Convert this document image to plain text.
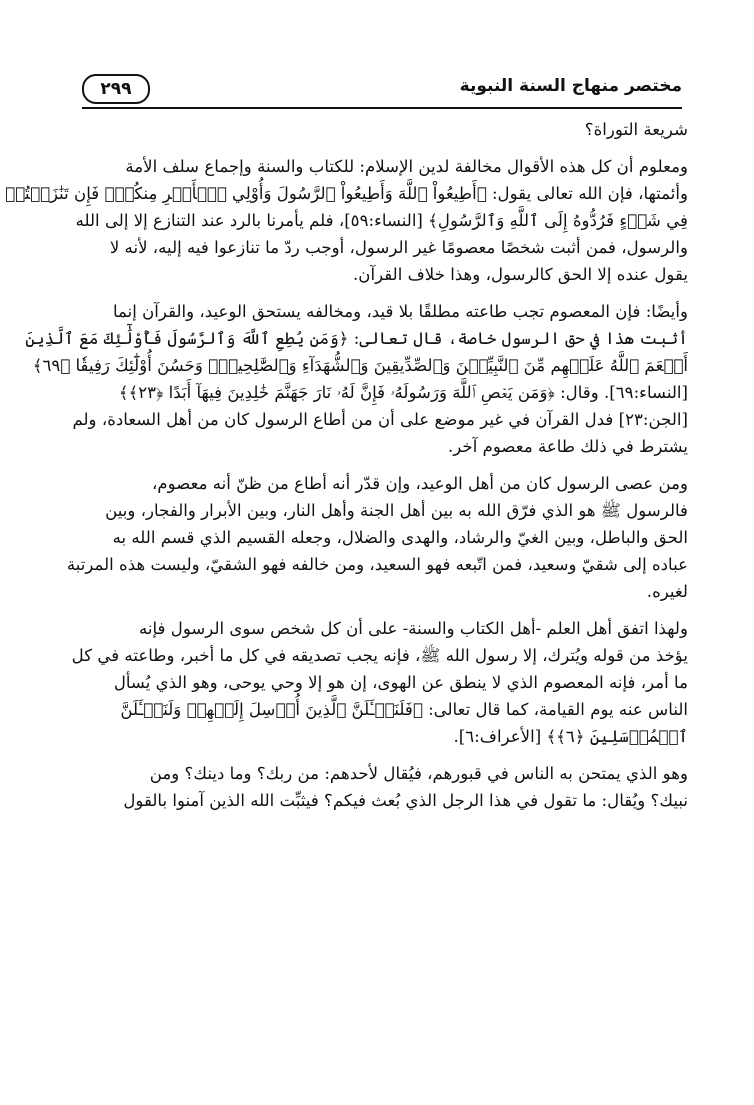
٢٩٩	مختصر منهاج السنة النبوية
شريعة التوراة؟
ومعلوم أن كل هذه الأقوال مخالفة لدين الإسلام: للكتاب والسنة وإجماع سلف الأمة
وأئمتها، فإن الله تعالى يقول: ﴿أَطِيعُواْ ٱللَّهَ وَأَطِيعُواْ ٱلرَّسُولَ وَأُوْلِي ٱلۡأَمۡرِ مِنكُمۡۖ فَإِن تَنَٰزَعۡتُمۡ
فِي شَيۡءٍ فَرُدُّوهُ إِلَى ٱللَّهِ وَٱلرَّسُولِ﴾ [النساء:٥٩]، فلم يأمرنا بالرد عند التنازع إلا إلى الله
والرسول، فمن أثبت شخصًا معصومًا غير الرسول، أوجب ردّ ما تنازعوا فيه إليه، لأنه لا
يقول عنده إلا الحق كالرسول، وهذا خلاف القرآن.
وأيضًا: فإن المعصوم تجب طاعته مطلقًا بلا قيد، ومخالفه يستحق الوعيد، والقرآن إنما
أثبت هذا في حق الرسول خاصة، قال تعالى: ﴿وَمَن يُطِعِ ٱللَّهَ وَٱلرَّسُولَ فَأُوْلَٰٓئِكَ مَعَ ٱلَّذِينَ
أَنۡعَمَ ٱللَّهُ عَلَيۡهِم مِّنَ ٱلنَّبِيِّـۧنَ وَٱلصِّدِّيقِينَ وَٱلشُّهَدَآءِ وَٱلصَّٰلِحِينَۚ وَحَسُنَ أُوْلَٰٓئِكَ رَفِيقٗا ﴿٦٩﴾
[النساء:٦٩]. وقال: ﴿وَمَن يَعۡصِ ٱللَّهَ وَرَسُولَهُۥ فَإِنَّ لَهُۥ نَارَ جَهَنَّمَ خَٰلِدِينَ فِيهَآ أَبَدًا ﴿٢٣﴾﴾
[الجن:٢٣] فدل القرآن في غير موضع على أن من أطاع الرسول كان من أهل السعادة، ولم
يشترط في ذلك طاعة معصوم آخر.
ومن عصى الرسول كان من أهل الوعيد، وإن قدّر أنه أطاع من ظنّ أنه معصوم،
فالرسول ﷺ هو الذي فرّق الله به بين أهل الجنة وأهل النار، وبين الأبرار والفجار، وبين
الحق والباطل، وبين الغيّ والرشاد، والهدى والضلال، وجعله القسيم الذي قسم الله به
عباده إلى شقيّ وسعيد، فمن اتّبعه فهو السعيد، ومن خالفه فهو الشقيّ، وليست هذه المرتبة
لغيره.
ولهذا اتفق أهل العلم -أهل الكتاب والسنة- على أن كل شخص سوى الرسول فإنه
يؤخذ من قوله ويُترك، إلا رسول الله ﷺ، فإنه يجب تصديقه في كل ما أخبر، وطاعته في كل
ما أمر، فإنه المعصوم الذي لا ينطق عن الهوى، إن هو إلا وحي يوحى، وهو الذي يُسأل
الناس عنه يوم القيامة، كما قال تعالى: ﴿فَلَنَسۡـَٔلَنَّ ٱلَّذِينَ أُرۡسِلَ إِلَيۡهِمۡ وَلَنَسۡـَٔلَنَّ
ٱلۡمُرۡسَلِينَ ﴿٦﴾﴾ [الأعراف:٦].
وهو الذي يمتحن به الناس في قبورهم، فيُقال لأحدهم: من ربك؟ وما دينك؟ ومن
نبيك؟ ويُقال: ما تقول في هذا الرجل الذي بُعث فيكم؟ فيثبِّت الله الذين آمنوا بالقول
